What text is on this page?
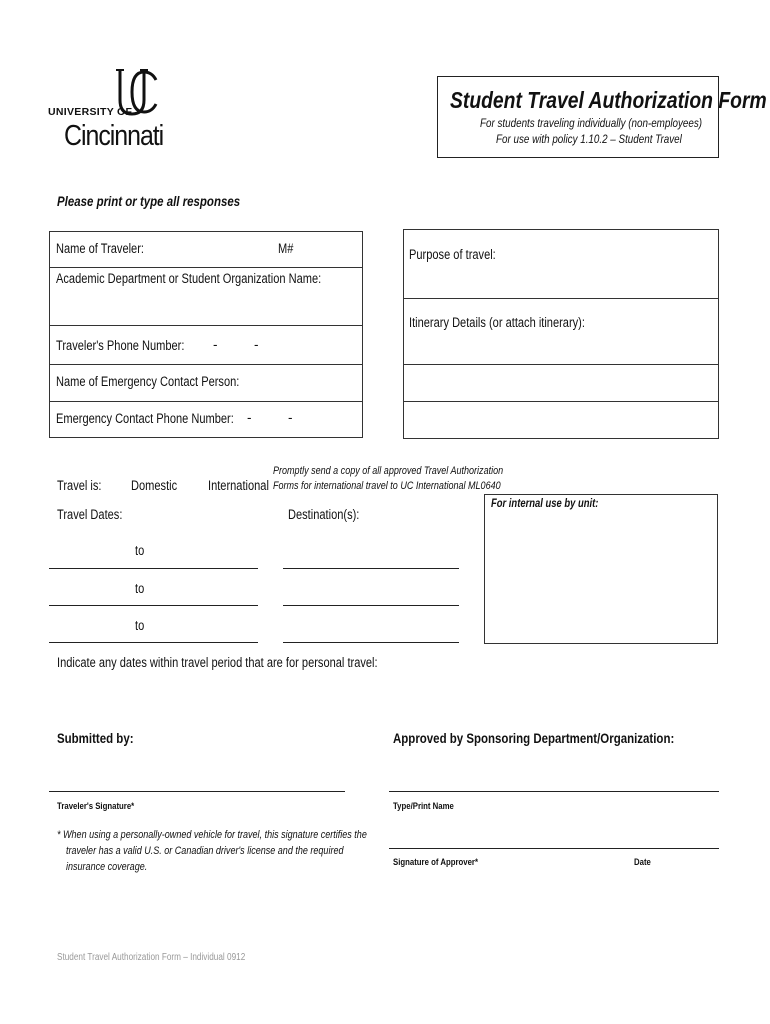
UNIVERSITY OF
Cincinnati
Student Travel Authorization Form
For students traveling individually (non-employees)
For use with policy 1.10.2 – Student Travel
Please print or type all responses
Name of Traveler:	M#
Academic Department or Student Organization Name:
Traveler's Phone Number: -	-
Name of Emergency Contact Person:
Emergency Contact Phone Number: -	-
Purpose of travel:
Itinerary Details (or attach itinerary):
Travel is: Domestic International
Promptly send a copy of all approved Travel Authorization
Forms for international travel to UC International ML0640
For internal use by unit:
Travel Dates:	Destination(s):
to
to
to
Indicate any dates within travel period that are for personal travel:
Submitted by:	Approved by Sponsoring Department/Organization:
Traveler's Signature*	Type/Print Name
* When using a personally-owned vehicle for travel, this signature certifies the
traveler has a valid U.S. or Canadian driver's license and the required
insurance coverage.	Signature of Approver*	Date
Student Travel Authorization Form – Individual 0912
